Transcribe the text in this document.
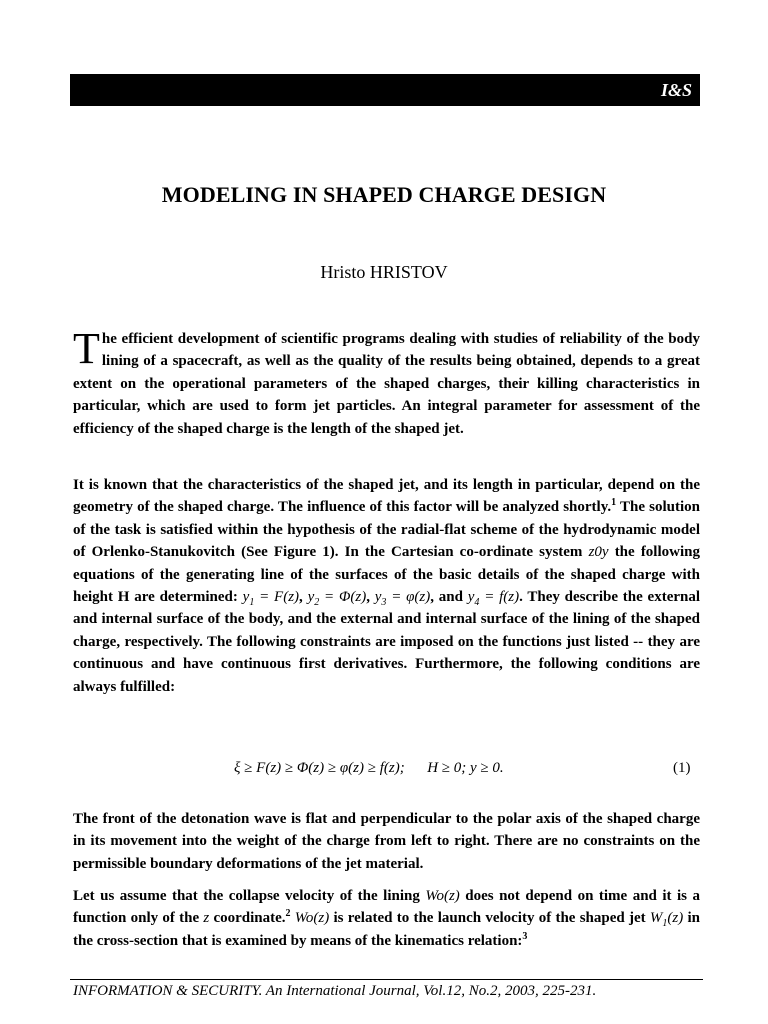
I&S
MODELING IN SHAPED CHARGE DESIGN
Hristo HRISTOV
The efficient development of scientific programs dealing with studies of reliability of the body lining of a spacecraft, as well as the quality of the results being obtained, depends to a great extent on the operational parameters of the shaped charges, their killing characteristics in particular, which are used to form jet particles. An integral parameter for assessment of the efficiency of the shaped charge is the length of the shaped jet.
It is known that the characteristics of the shaped jet, and its length in particular, depend on the geometry of the shaped charge. The influence of this factor will be analyzed shortly.$^1$ The solution of the task is satisfied within the hypothesis of the radial-flat scheme of the hydrodynamic model of Orlenko-Stanukovitch (See Figure 1). In the Cartesian co-ordinate system z0y the following equations of the generating line of the surfaces of the basic details of the shaped charge with height H are determined: $y_1 = F(z)$, $y_2 = \Phi(z)$, $y_3 = \varphi(z)$, and $y_4 = f(z)$. They describe the external and internal surface of the body, and the external and internal surface of the lining of the shaped charge, respectively. The following constraints are imposed on the functions just listed -- they are continuous and have continuous first derivatives. Furthermore, the following conditions are always fulfilled:
ξ ≥ F(z) ≥ Φ(z) ≥ φ(z) ≥ f(z);      H ≥ 0; y ≥ 0.	(1)
The front of the detonation wave is flat and perpendicular to the polar axis of the shaped charge in its movement into the weight of the charge from left to right. There are no constraints on the permissible boundary deformations of the jet material.
Let us assume that the collapse velocity of the lining Wo(z) does not depend on time and it is a function only of the z coordinate.$^2$ Wo(z) is related to the launch velocity of the shaped jet $W_1(z)$ in the cross-section that is examined by means of the kinematics relation:$^3$
INFORMATION & SECURITY. An International Journal, Vol.12, No.2, 2003, 225-231.
